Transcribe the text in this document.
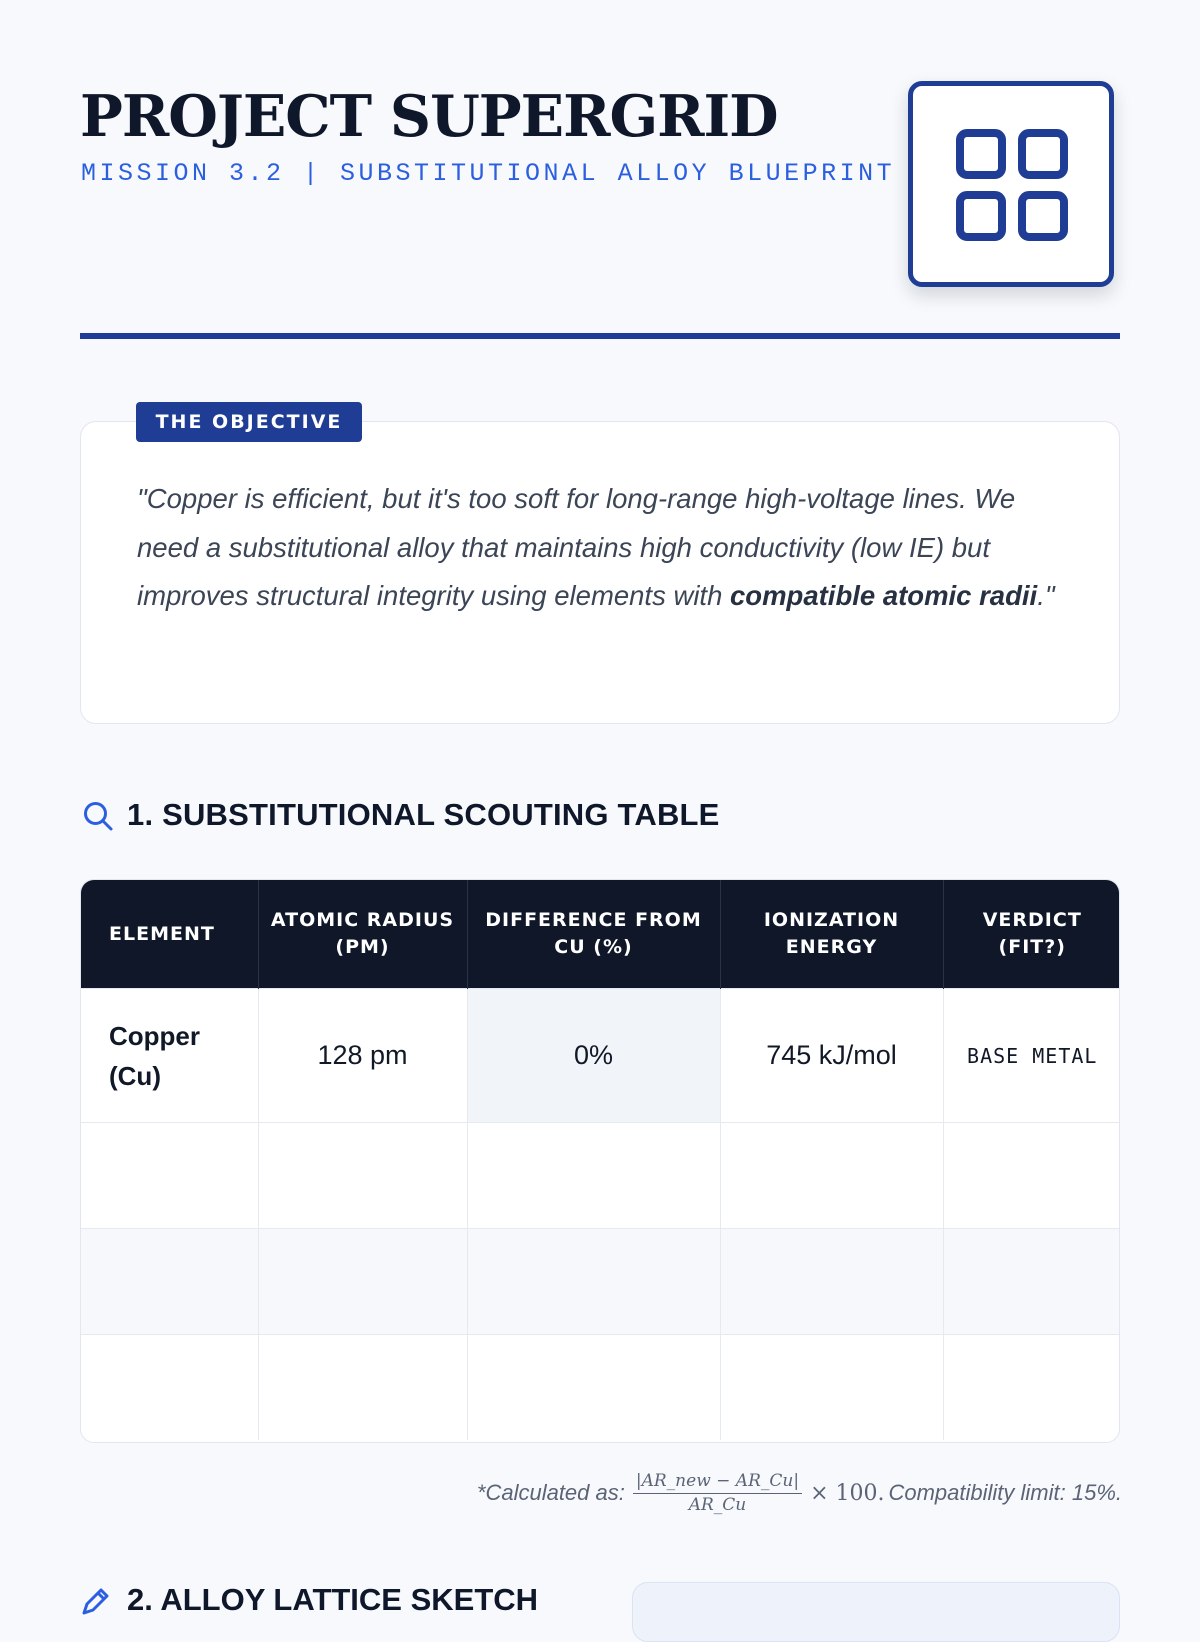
PROJECT SUPERGRID
MISSION 3.2 | SUBSTITUTIONAL ALLOY BLUEPRINT
THE OBJECTIVE

"Copper is efficient, but it's too soft for long-range high-voltage lines. We need a substitutional alloy that maintains high conductivity (low IE) but improves structural integrity using elements with compatible atomic radii."

1. SUBSTITUTIONAL SCOUTING TABLE
ELEMENT	ATOMIC RADIUS (PM)	DIFFERENCE FROM CU (%)	IONIZATION ENERGY	VERDICT (FIT?)
Copper (Cu)	128 pm	0%	745 kJ/mol	BASE METAL

*Calculated as: $\frac{\text{|AR\_new − AR\_Cu|}}{AR\_Cu} \times 100$. Compatibility limit: 15%.
2. ALLOY LATTICE SKETCH
